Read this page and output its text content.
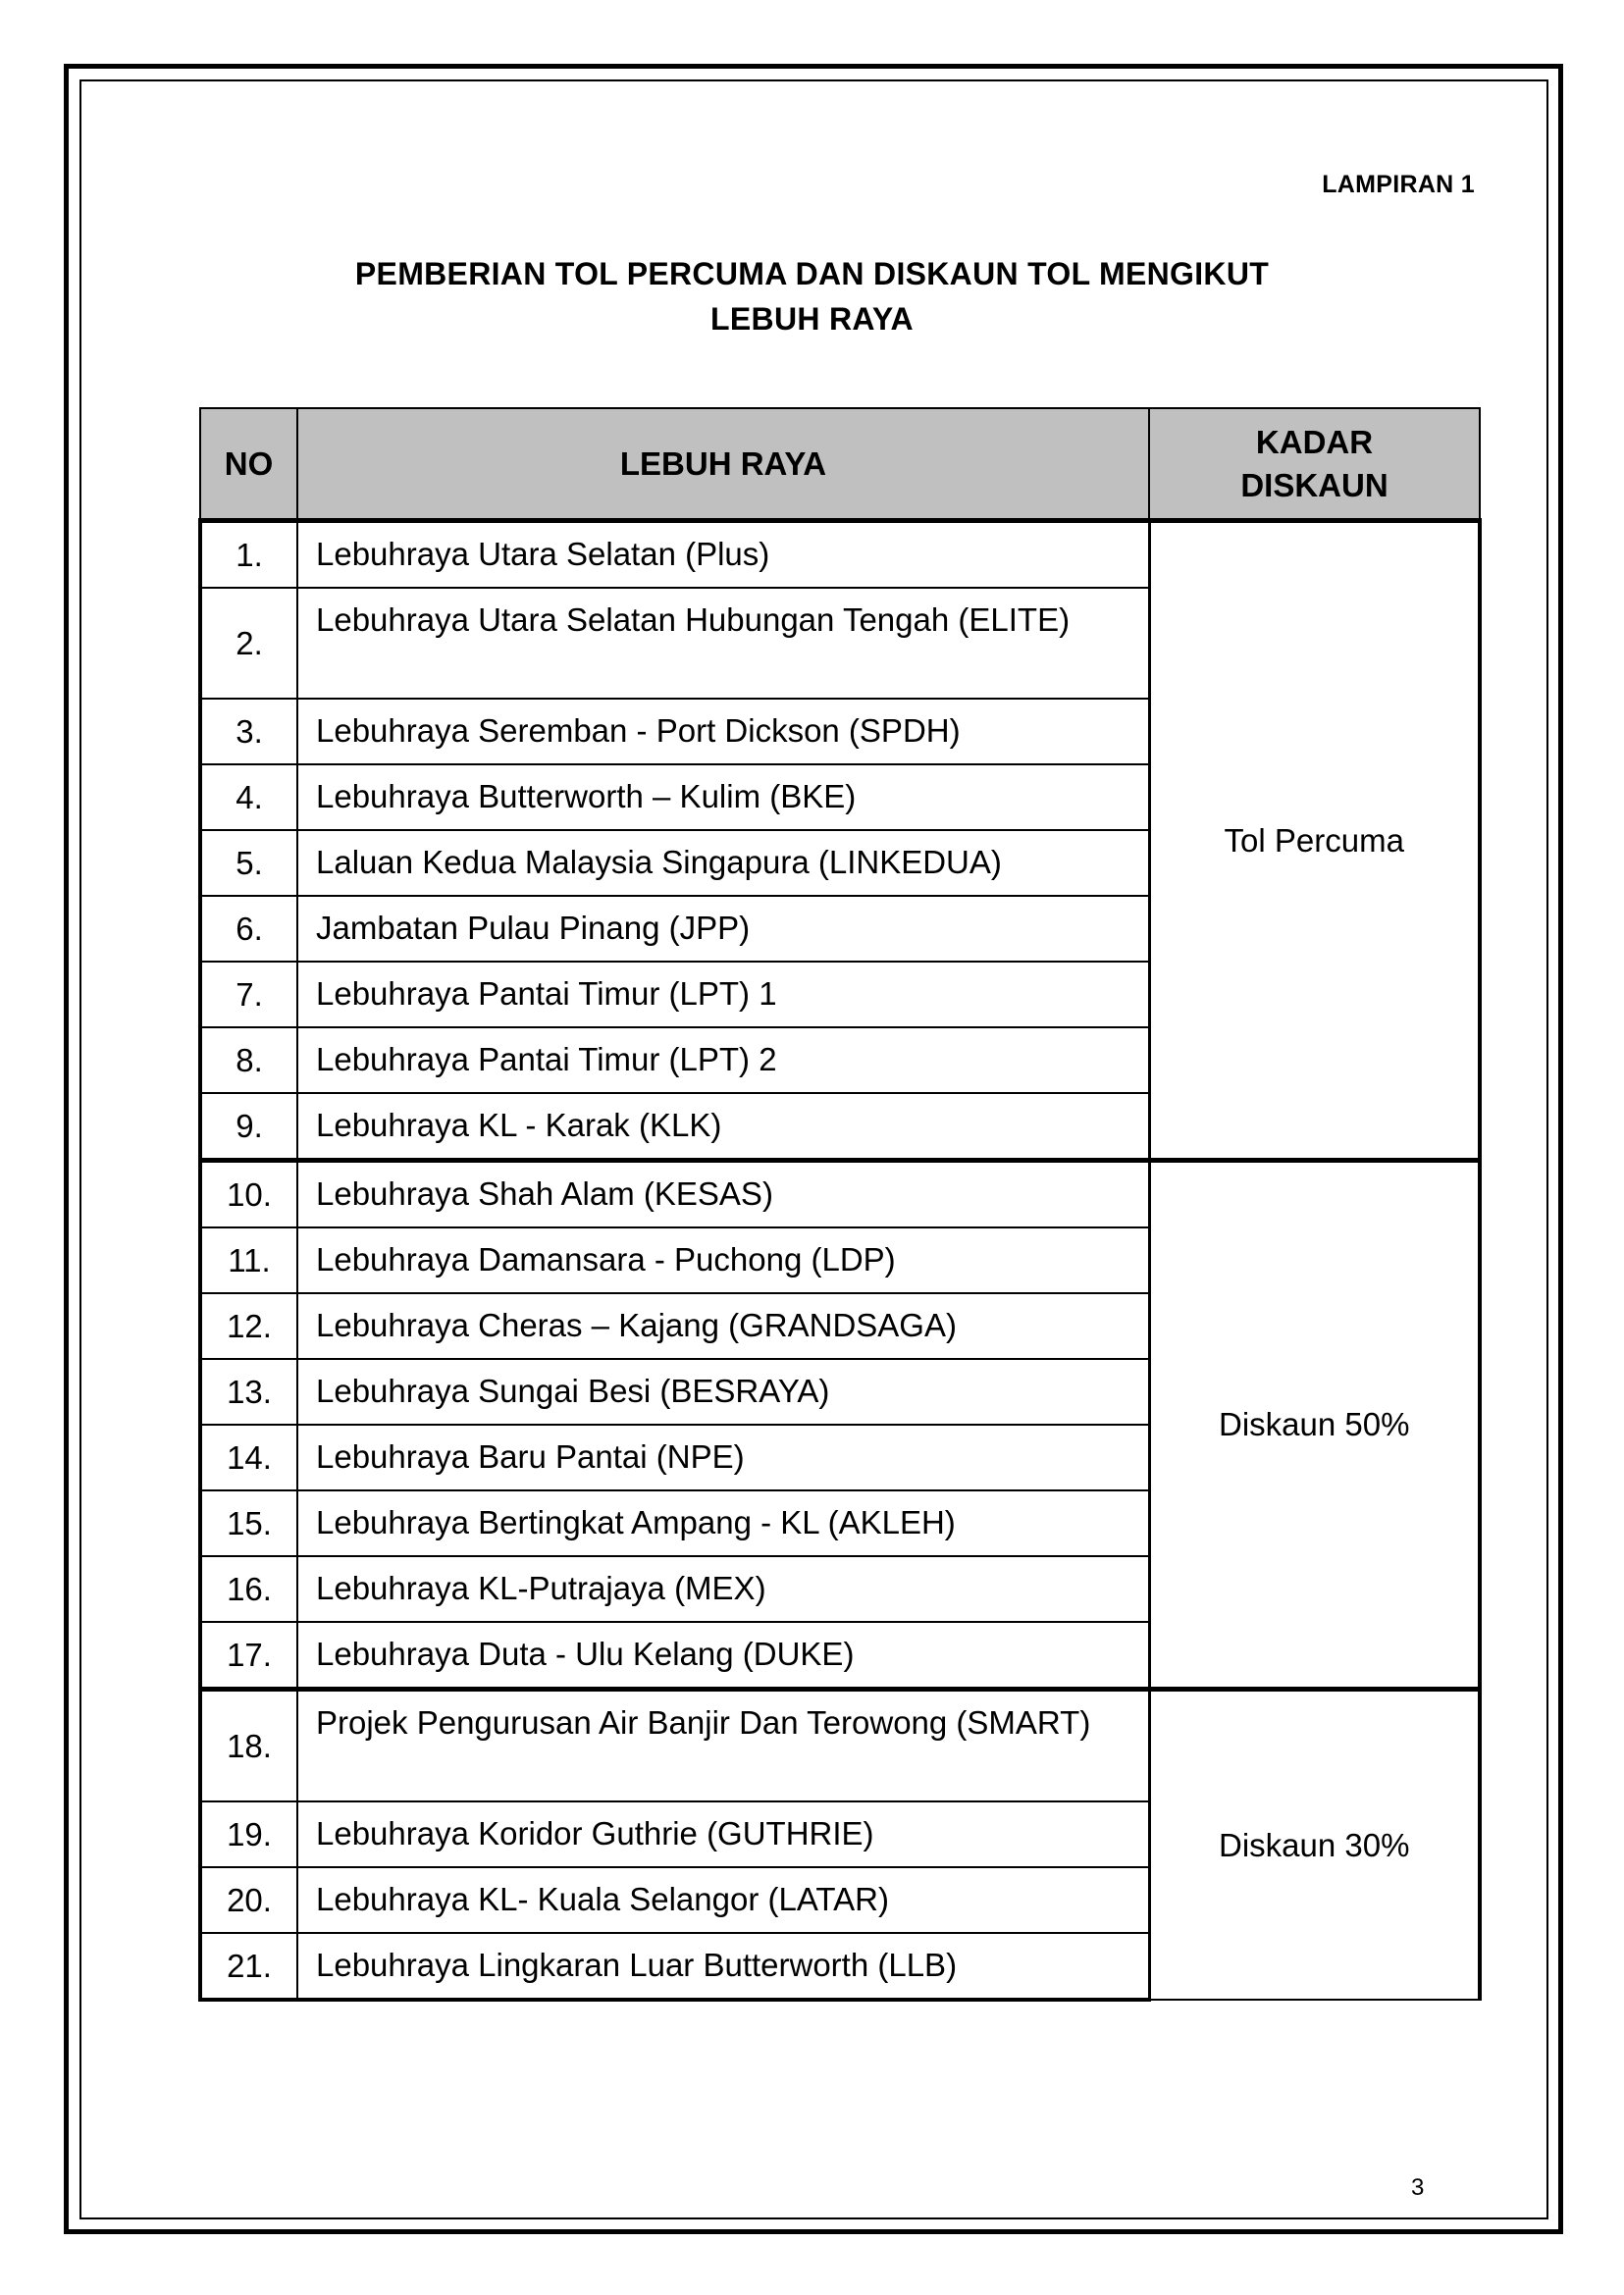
LAMPIRAN 1
PEMBERIAN TOL PERCUMA DAN DISKAUN TOL MENGIKUT
LEBUH RAYA
NO	LEBUH RAYA	KADAR
DISKAUN
1.	Lebuhraya Utara Selatan (Plus)	Tol Percuma
2.	Lebuhraya Utara Selatan Hubungan Tengah (ELITE)	
3.	Lebuhraya Seremban - Port Dickson (SPDH)	
4.	Lebuhraya Butterworth – Kulim (BKE)	
5.	Laluan Kedua Malaysia Singapura (LINKEDUA)	
6.	Jambatan Pulau Pinang (JPP)	
7.	Lebuhraya Pantai Timur (LPT) 1	
8.	Lebuhraya Pantai Timur (LPT) 2	
9.	Lebuhraya KL - Karak (KLK)	
10.	Lebuhraya Shah Alam (KESAS)	Diskaun 50%
11.	Lebuhraya Damansara - Puchong (LDP)	
12.	Lebuhraya Cheras – Kajang (GRANDSAGA)	
13.	Lebuhraya Sungai Besi (BESRAYA)	
14.	Lebuhraya Baru Pantai (NPE)	
15.	Lebuhraya Bertingkat Ampang - KL (AKLEH)	
16.	Lebuhraya KL-Putrajaya (MEX)	
17.	Lebuhraya Duta - Ulu Kelang (DUKE)	
18.	Projek Pengurusan Air Banjir Dan Terowong (SMART)	Diskaun 30%
19.	Lebuhraya Koridor Guthrie (GUTHRIE)	
20.	Lebuhraya KL- Kuala Selangor (LATAR)	
21.	Lebuhraya Lingkaran Luar Butterworth (LLB)	
3
